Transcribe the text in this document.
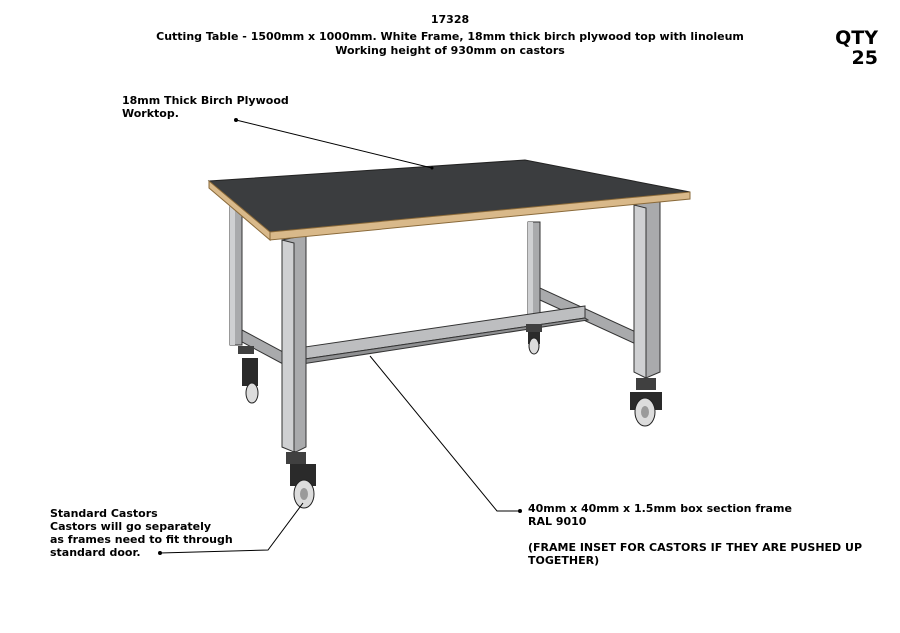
17328
Cutting Table - 1500mm x 1000mm. White Frame, 18mm thick birch plywood top with linoleum
Working height of 930mm on castors
QTY
25
18mm Thick Birch Plywood
Worktop.
Standard Castors
Castors will go separately
as frames need to fit through
standard door.
40mm x 40mm x 1.5mm box section frame
RAL 9010
(FRAME INSET FOR CASTORS IF THEY ARE PUSHED UP
TOGETHER)
